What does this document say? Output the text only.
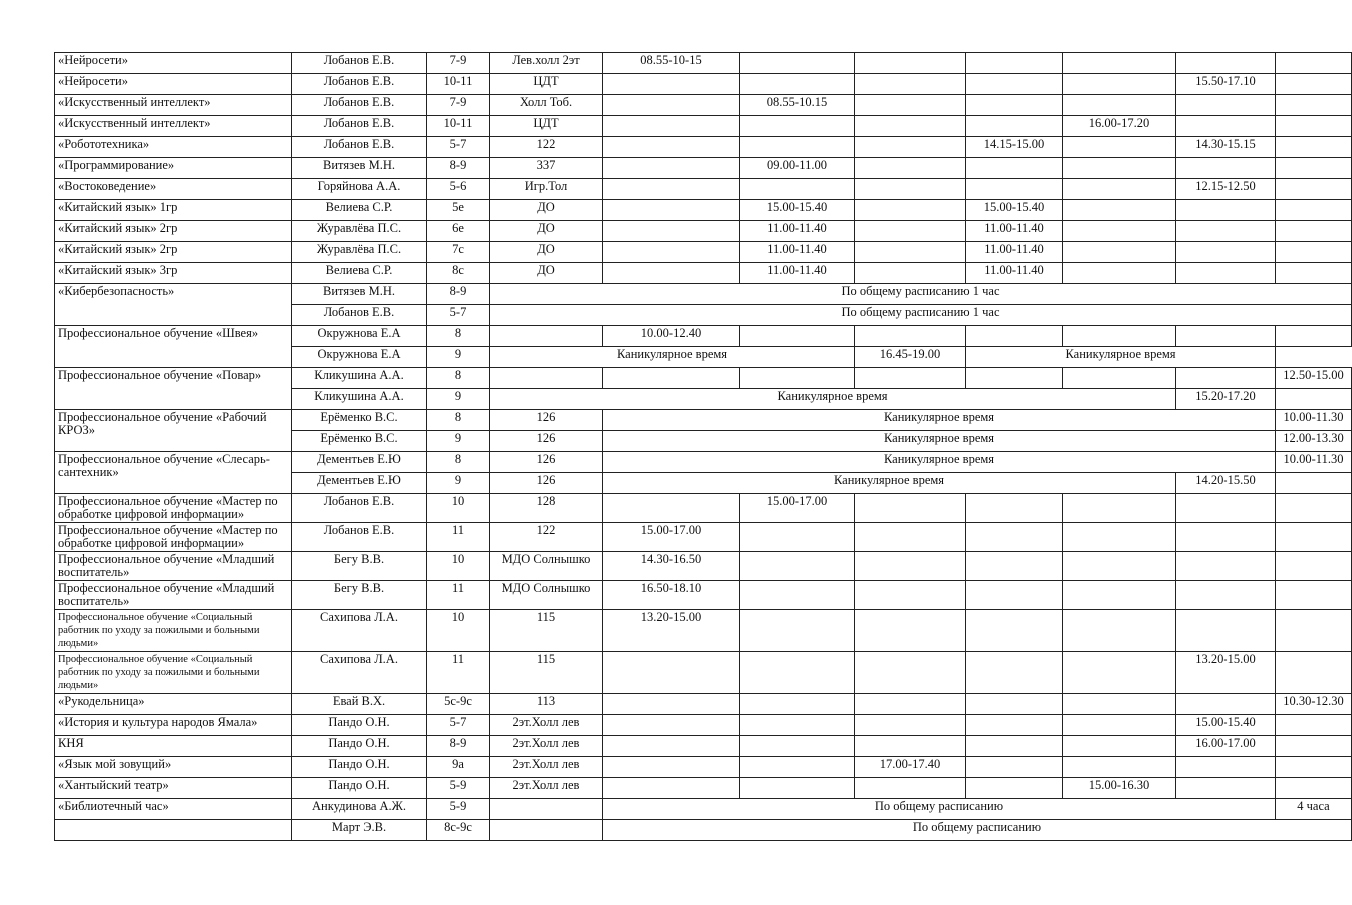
«Нейросети»	Лобанов Е.В.	7-9	Лев.холл 2эт	08.55-10-15						
«Нейросети»	Лобанов Е.В.	10-11	ЦДТ						15.50-17.10	
«Искусственный интеллект»	Лобанов Е.В.	7-9	Холл Тоб.		08.55-10.15					
«Искусственный интеллект»	Лобанов Е.В.	10-11	ЦДТ					16.00-17.20		
«Робототехника»	Лобанов Е.В.	5-7	122				14.15-15.00		14.30-15.15	
«Программирование»	Витязев М.Н.	8-9	337		09.00-11.00					
«Востоковедение»	Горяйнова А.А.	5-6	Игр.Тол						12.15-12.50	
«Китайский язык» 1гр	Велиева С.Р.	5е	ДО		15.00-15.40		15.00-15.40			
«Китайский язык» 2гр	Журавлёва П.С.	6е	ДО		11.00-11.40		11.00-11.40			
«Китайский язык» 2гр	Журавлёва П.С.	7с	ДО		11.00-11.40		11.00-11.40			
«Китайский язык» 3гр	Велиева С.Р.	8с	ДО		11.00-11.40		11.00-11.40			
«Кибербезопасность»	Витязев М.Н.	8-9	По общему расписанию 1 час							
	Лобанов Е.В.	5-7	По общему расписанию 1 час							
Профессиональное обучение «Швея»	Окружнова Е.А	8		10.00-12.40						
	Окружнова Е.А	9	Каникулярное время			16.45-19.00	Каникулярное время			
Профессиональное обучение «Повар»	Кликушина А.А.	8								12.50-15.00
	Кликушина А.А.	9	Каникулярное время						15.20-17.20	
Профессиональное обучение «Рабочий КРОЗ»	Ерёменко В.С.	8	126	Каникулярное время						10.00-11.30
	Ерёменко В.С.	9	126	Каникулярное время						12.00-13.30
Профессиональное обучение «Слесарь-сантехник»	Дементьев Е.Ю	8	126	Каникулярное время						10.00-11.30
	Дементьев Е.Ю	9	126	Каникулярное время					14.20-15.50	
Профессиональное обучение «Мастер по обработке цифровой информации»	Лобанов Е.В.	10	128		15.00-17.00					
Профессиональное обучение «Мастер по обработке цифровой информации»	Лобанов Е.В.	11	122	15.00-17.00						
Профессиональное обучение «Младший воспитатель»	Бегу В.В.	10	МДО Солнышко	14.30-16.50						
Профессиональное обучение «Младший воспитатель»	Бегу В.В.	11	МДО Солнышко	16.50-18.10						
Профессиональное обучение «Социальный работник по уходу за пожилыми и больными людьми»	Сахипова Л.А.	10	115	13.20-15.00						
Профессиональное обучение «Социальный работник по уходу за пожилыми и больными людьми»	Сахипова Л.А.	11	115						13.20-15.00	
«Рукодельница»	Евай В.Х.	5с-9с	113							10.30-12.30
«История и культура народов Ямала»	Пандо О.Н.	5-7	2эт.Холл лев						15.00-15.40	
КНЯ	Пандо О.Н.	8-9	2эт.Холл лев						16.00-17.00	
«Язык мой зовущий»	Пандо О.Н.	9а	2эт.Холл лев			17.00-17.40				
«Хантыйский театр»	Пандо О.Н.	5-9	2эт.Холл лев					15.00-16.30		
«Библиотечный час»	Анкудинова А.Ж.	5-9		По общему расписанию						4 часа
	Март Э.В.	8с-9с		По общему расписанию						
